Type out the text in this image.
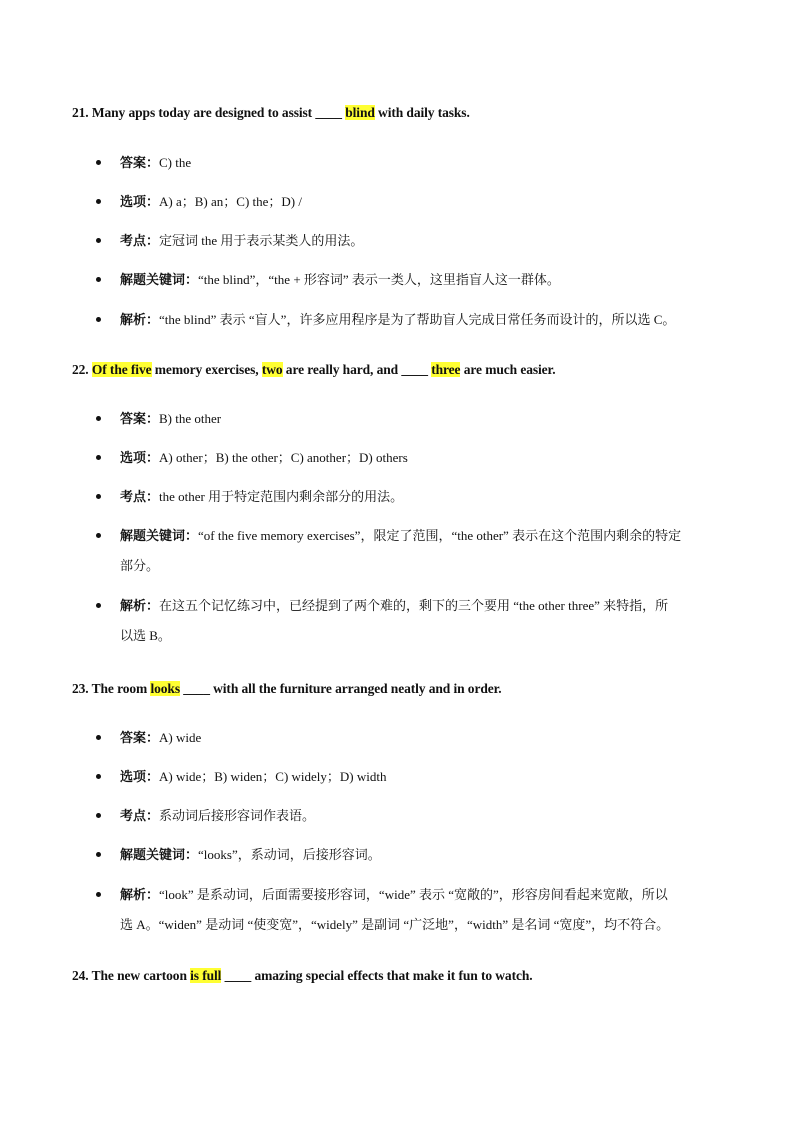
21. Many apps today are designed to assist ____ blind with daily tasks.
答案：C) the
选项：A) a；B) an；C) the；D) /
考点：定冠词 the 用于表示某类人的用法。
解题关键词：“the blind”，“the + 形容词” 表示一类人，这里指盲人这一群体。
解析：“the blind” 表示 “盲人”，许多应用程序是为了帮助盲人完成日常任务而设计的，所以选 C。
22. Of the five memory exercises, two are really hard, and ____ three are much easier.
答案：B) the other
选项：A) other；B) the other；C) another；D) others
考点：the other 用于特定范围内剩余部分的用法。
解题关键词：“of the five memory exercises”，限定了范围，“the other” 表示在这个范围内剩余的特定
部分。
解析：在这五个记忆练习中，已经提到了两个难的，剩下的三个要用 “the other three” 来特指，所
以选 B。
23. The room looks ____ with all the furniture arranged neatly and in order.
答案：A) wide
选项：A) wide；B) widen；C) widely；D) width
考点：系动词后接形容词作表语。
解题关键词：“looks”，系动词，后接形容词。
解析：“look” 是系动词，后面需要接形容词，“wide” 表示 “宽敞的”，形容房间看起来宽敞，所以
选 A。“widen” 是动词 “使变宽”，“widely” 是副词 “广泛地”，“width” 是名词 “宽度”，均不符合。
24. The new cartoon is full ____ amazing special effects that make it fun to watch.
